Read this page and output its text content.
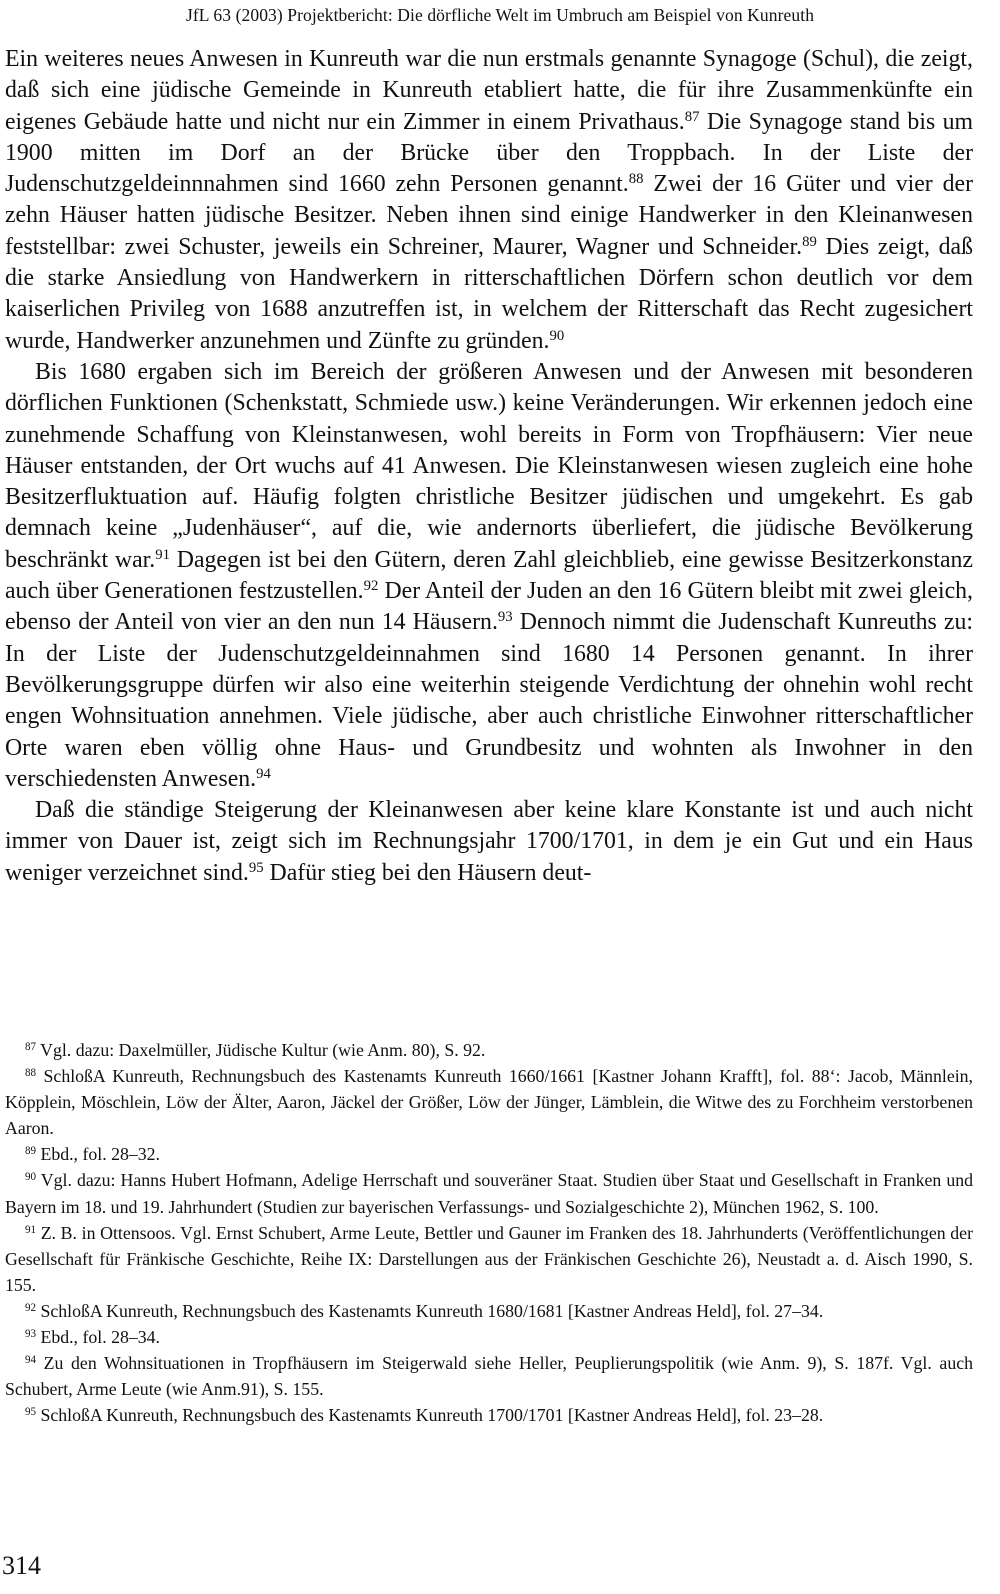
JfL 63 (2003) Projektbericht: Die dörfliche Welt im Umbruch am Beispiel von Kunreuth

Ein weiteres neues Anwesen in Kunreuth war die nun erstmals genannte Synagoge (Schul), die zeigt, daß sich eine jüdische Gemeinde in Kunreuth etabliert hatte, die für ihre Zusammenkünfte ein eigenes Gebäude hatte und nicht nur ein Zimmer in einem Privathaus.$^{87}$ Die Synagoge stand bis um 1900 mitten im Dorf an der Brücke über den Troppbach. In der Liste der Judenschutzgeldeinnnahmen sind 1660 zehn Personen genannt.$^{88}$ Zwei der 16 Güter und vier der zehn Häuser hatten jüdische Besitzer. Neben ihnen sind einige Handwerker in den Kleinanwesen feststellbar: zwei Schuster, jeweils ein Schreiner, Maurer, Wagner und Schneider.$^{89}$ Dies zeigt, daß die starke Ansiedlung von Handwerkern in ritterschaftlichen Dörfern schon deutlich vor dem kaiserlichen Privileg von 1688 anzutreffen ist, in welchem der Ritterschaft das Recht zugesichert wurde, Handwerker anzunehmen und Zünfte zu gründen.$^{90}$

Bis 1680 ergaben sich im Bereich der größeren Anwesen und der Anwesen mit besonderen dörflichen Funktionen (Schenkstatt, Schmiede usw.) keine Veränderungen. Wir erkennen jedoch eine zunehmende Schaffung von Kleinstanwesen, wohl bereits in Form von Tropfhäusern: Vier neue Häuser entstanden, der Ort wuchs auf 41 Anwesen. Die Kleinstanwesen wiesen zugleich eine hohe Besitzerfluktuation auf. Häufig folgten christliche Besitzer jüdischen und umgekehrt. Es gab demnach keine „Judenhäuser“, auf die, wie andernorts überliefert, die jüdische Bevölkerung beschränkt war.$^{91}$ Dagegen ist bei den Gütern, deren Zahl gleichblieb, eine gewisse Besitzerkonstanz auch über Generationen festzustellen.$^{92}$ Der Anteil der Juden an den 16 Gütern bleibt mit zwei gleich, ebenso der Anteil von vier an den nun 14 Häusern.$^{93}$ Dennoch nimmt die Judenschaft Kunreuths zu: In der Liste der Judenschutzgeldeinnahmen sind 1680 14 Personen genannt. In ihrer Bevölkerungsgruppe dürfen wir also eine weiterhin steigende Verdichtung der ohnehin wohl recht engen Wohnsituation annehmen. Viele jüdische, aber auch christliche Einwohner ritterschaftlicher Orte waren eben völlig ohne Haus- und Grundbesitz und wohnten als Inwohner in den verschiedensten Anwesen.$^{94}$

Daß die ständige Steigerung der Kleinanwesen aber keine klare Konstante ist und auch nicht immer von Dauer ist, zeigt sich im Rechnungsjahr 1700/1701, in dem je ein Gut und ein Haus weniger verzeichnet sind.$^{95}$ Dafür stieg bei den Häusern deut-

$^{87}$ Vgl. dazu: Daxelmüller, Jüdische Kultur (wie Anm. 80), S. 92.

$^{88}$ SchloßA Kunreuth, Rechnungsbuch des Kastenamts Kunreuth 1660/1661 [Kastner Johann Krafft], fol. 88‘: Jacob, Männlein, Köpplein, Möschlein, Löw der Älter, Aaron, Jäckel der Größer, Löw der Jünger, Lämblein, die Witwe des zu Forchheim verstorbenen Aaron.

$^{89}$ Ebd., fol. 28–32.

$^{90}$ Vgl. dazu: Hanns Hubert Hofmann, Adelige Herrschaft und souveräner Staat. Studien über Staat und Gesellschaft in Franken und Bayern im 18. und 19. Jahrhundert (Studien zur bayerischen Verfassungs- und Sozialgeschichte 2), München 1962, S. 100.

$^{91}$ Z. B. in Ottensoos. Vgl. Ernst Schubert, Arme Leute, Bettler und Gauner im Franken des 18. Jahrhunderts (Veröffentlichungen der Gesellschaft für Fränkische Geschichte, Reihe IX: Darstellungen aus der Fränkischen Geschichte 26), Neustadt a. d. Aisch 1990, S. 155.

$^{92}$ SchloßA Kunreuth, Rechnungsbuch des Kastenamts Kunreuth 1680/1681 [Kastner Andreas Held], fol. 27–34.

$^{93}$ Ebd., fol. 28–34.

$^{94}$ Zu den Wohnsituationen in Tropfhäusern im Steigerwald siehe Heller, Peuplierungspolitik (wie Anm. 9), S. 187f. Vgl. auch Schubert, Arme Leute (wie Anm.91), S. 155.

$^{95}$ SchloßA Kunreuth, Rechnungsbuch des Kastenamts Kunreuth 1700/1701 [Kastner Andreas Held], fol. 23–28.

314
